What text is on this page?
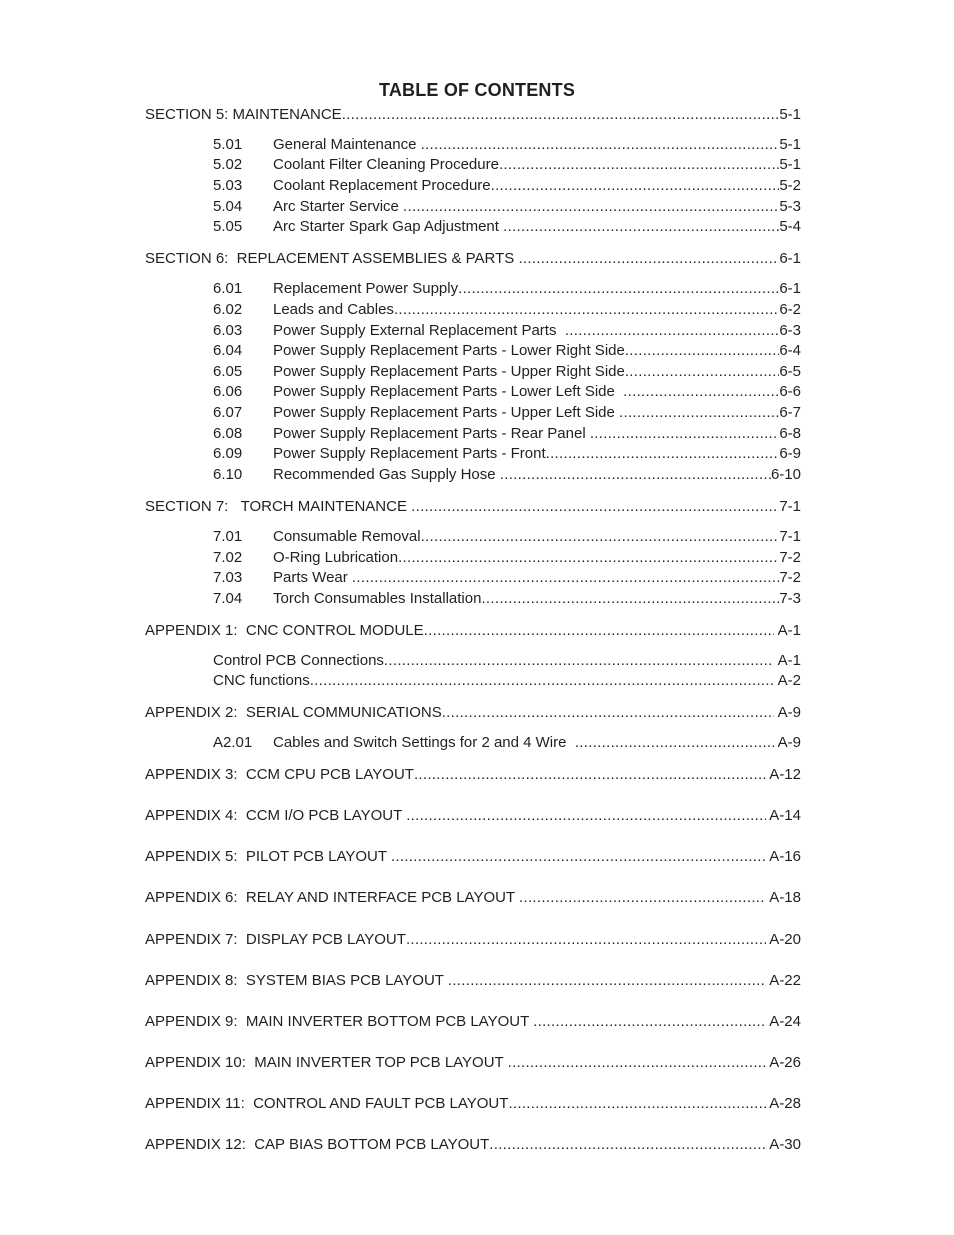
TABLE OF CONTENTS
SECTION 5: MAINTENANCE .....	5-1
5.01	General Maintenance .....	5-1
5.02	Coolant Filter Cleaning Procedure .....	5-1
5.03	Coolant Replacement Procedure .....	5-2
5.04	Arc Starter Service .....	5-3
5.05	Arc Starter Spark Gap Adjustment .....	5-4
SECTION 6:  REPLACEMENT ASSEMBLIES & PARTS .....	6-1
6.01	Replacement Power Supply .....	6-1
6.02	Leads and Cables .....	6-2
6.03	Power Supply External Replacement Parts .....	6-3
6.04	Power Supply Replacement Parts - Lower Right Side .....	6-4
6.05	Power Supply Replacement Parts - Upper Right Side .....	6-5
6.06	Power Supply Replacement Parts - Lower Left Side .....	6-6
6.07	Power Supply Replacement Parts - Upper Left Side .....	6-7
6.08	Power Supply Replacement Parts - Rear Panel .....	6-8
6.09	Power Supply Replacement Parts - Front .....	6-9
6.10	Recommended Gas Supply Hose .....	6-10
SECTION 7:   TORCH MAINTENANCE .....	7-1
7.01	Consumable Removal .....	7-1
7.02	O-Ring Lubrication .....	7-2
7.03	Parts Wear .....	7-2
7.04	Torch Consumables Installation .....	7-3
APPENDIX 1:  CNC CONTROL MODULE .....	A-1
Control PCB Connections .....	A-1
CNC functions .....	A-2
APPENDIX 2:  SERIAL COMMUNICATIONS .....	A-9
A2.01	Cables and Switch Settings for 2 and 4 Wire .....	A-9
APPENDIX 3:  CCM CPU PCB LAYOUT .....	A-12
APPENDIX 4:  CCM I/O PCB LAYOUT .....	A-14
APPENDIX 5:  PILOT PCB LAYOUT .....	A-16
APPENDIX 6:  RELAY AND INTERFACE PCB LAYOUT .....	A-18
APPENDIX 7:  DISPLAY PCB LAYOUT .....	A-20
APPENDIX 8:  SYSTEM BIAS PCB LAYOUT .....	A-22
APPENDIX 9:  MAIN INVERTER BOTTOM PCB LAYOUT .....	A-24
APPENDIX 10:  MAIN INVERTER TOP PCB LAYOUT .....	A-26
APPENDIX 11:  CONTROL AND FAULT PCB LAYOUT .....	A-28
APPENDIX 12:  CAP BIAS BOTTOM PCB LAYOUT .....	A-30
